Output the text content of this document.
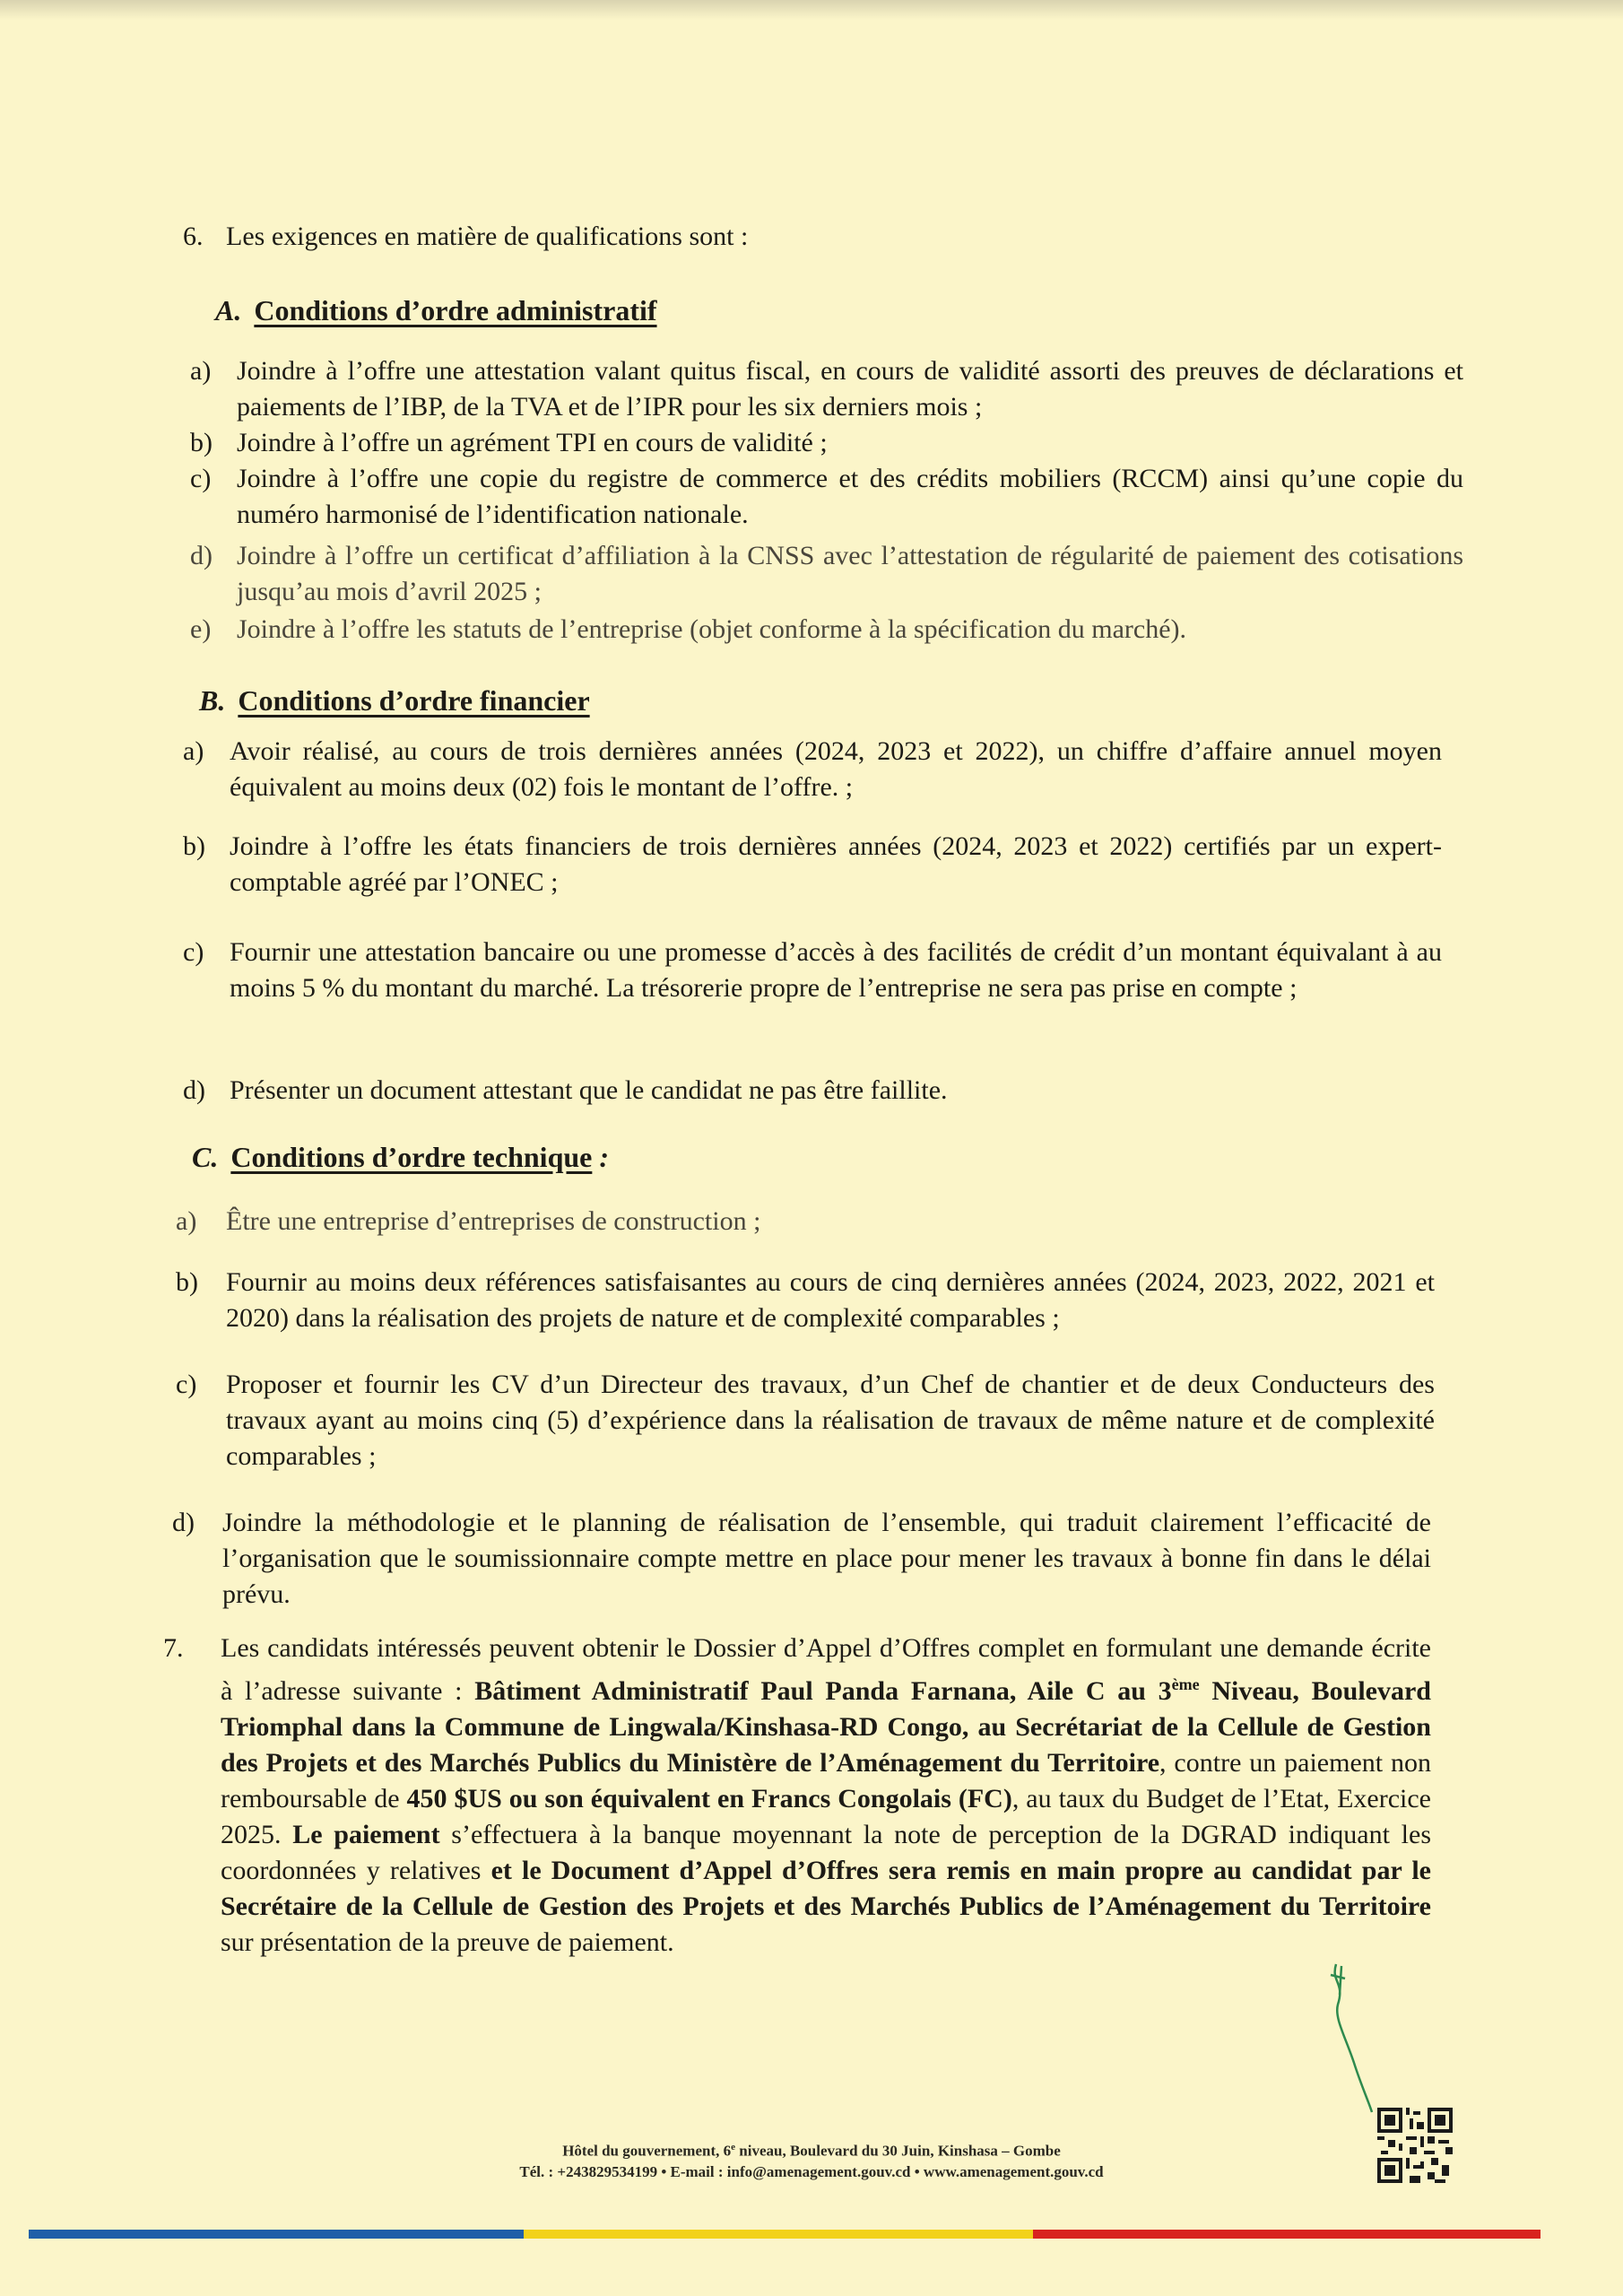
6. Les exigences en matière de qualifications sont :
A. Conditions d’ordre administratif
a) Joindre à l’offre une attestation valant quitus fiscal, en cours de validité assorti des preuves de déclarations et paiements de l’IBP, de la TVA et de l’IPR pour les six derniers mois ;
b) Joindre à l’offre un agrément TPI en cours de validité ;
c) Joindre à l’offre une copie du registre de commerce et des crédits mobiliers (RCCM) ainsi qu’une copie du numéro harmonisé de l’identification nationale.
d) Joindre à l’offre un certificat d’affiliation à la CNSS avec l’attestation de régularité de paiement des cotisations jusqu’au mois d’avril 2025 ;
e) Joindre à l’offre les statuts de l’entreprise (objet conforme à la spécification du marché).
B. Conditions d’ordre financier
a) Avoir réalisé, au cours de trois dernières années (2024, 2023 et 2022), un chiffre d’affaire annuel moyen équivalent au moins deux (02) fois le montant de l’offre. ;
b) Joindre à l’offre les états financiers de trois dernières années (2024, 2023 et 2022) certifiés par un expert-comptable agréé par l’ONEC ;
c) Fournir une attestation bancaire ou une promesse d’accès à des facilités de crédit d’un montant équivalant à au moins 5 % du montant du marché. La trésorerie propre de l’entreprise ne sera pas prise en compte ;
d) Présenter un document attestant que le candidat ne pas être faillite.
C. Conditions d’ordre technique :
a) Être une entreprise d’entreprises de construction ;
b) Fournir au moins deux références satisfaisantes au cours de cinq dernières années (2024, 2023, 2022, 2021 et 2020) dans la réalisation des projets de nature et de complexité comparables ;
c) Proposer et fournir les CV d’un Directeur des travaux, d’un Chef de chantier et de deux Conducteurs des travaux ayant au moins cinq (5) d’expérience dans la réalisation de travaux de même nature et de complexité comparables ;
d) Joindre la méthodologie et le planning de réalisation de l’ensemble, qui traduit clairement l’efficacité de l’organisation que le soumissionnaire compte mettre en place pour mener les travaux à bonne fin dans le délai prévu.
7. Les candidats intéressés peuvent obtenir le Dossier d’Appel d’Offres complet en formulant une demande écrite à l’adresse suivante : Bâtiment Administratif Paul Panda Farnana, Aile C au 3ème Niveau, Boulevard Triomphal dans la Commune de Lingwala/Kinshasa-RD Congo, au Secrétariat de la Cellule de Gestion des Projets et des Marchés Publics du Ministère de l’Aménagement du Territoire, contre un paiement non remboursable de 450 $US ou son équivalent en Francs Congolais (FC), au taux du Budget de l’Etat, Exercice 2025. Le paiement s’effectuera à la banque moyennant la note de perception de la DGRAD indiquant les coordonnées y relatives et le Document d’Appel d’Offres sera remis en main propre au candidat par le Secrétaire de la Cellule de Gestion des Projets et des Marchés Publics de l’Aménagement du Territoire sur présentation de la preuve de paiement.
Hôtel du gouvernement, 6e niveau, Boulevard du 30 Juin, Kinshasa – Gombe
Tél. : +243829534199 • E-mail : info@amenagement.gouv.cd • www.amenagement.gouv.cd
